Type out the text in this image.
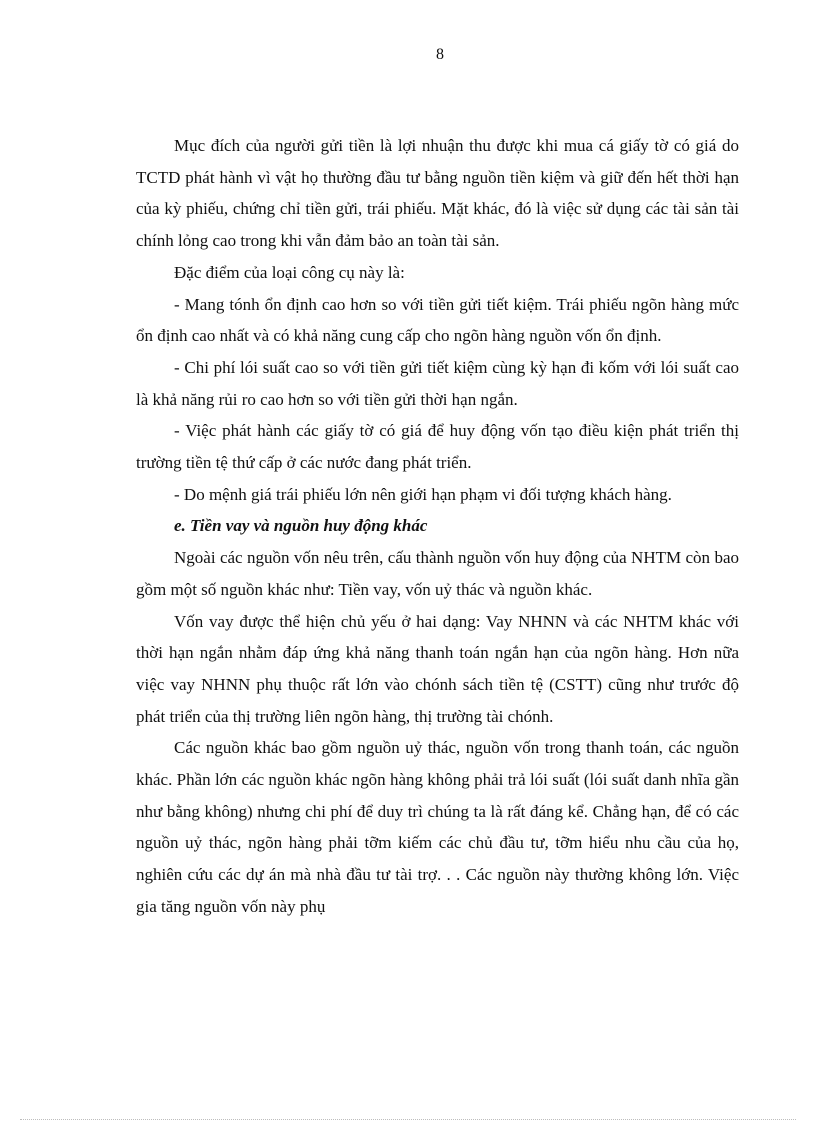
8

Mục đích của người gửi tiền là lợi nhuận thu được khi mua cá giấy tờ có giá do TCTD phát hành vì vật họ thường đầu tư bằng nguồn tiền kiệm và giữ đến hết thời hạn của kỳ phiếu, chứng chỉ tiền gửi, trái phiếu. Mặt khác, đó là việc sử dụng các tài sản tài chính lỏng cao trong khi vẫn đảm bảo an toàn tài sản.

Đặc điểm của loại công cụ này là:

- Mang tónh ổn định cao hơn so với tiền gửi tiết kiệm. Trái phiếu ngõn hàng mức ổn định cao nhất và có khả năng cung cấp cho ngõn hàng nguồn vốn ổn định.

- Chi phí lói suất cao so với tiền gửi tiết kiệm cùng kỳ hạn đi kốm với lói suất cao là khả năng rủi ro cao hơn so với tiền gửi thời hạn ngắn.

- Việc phát hành các giấy tờ có giá để huy động vốn tạo điều kiện phát triển thị trường tiền tệ thứ cấp ở các nước đang phát triển.

- Do mệnh giá trái phiếu lớn nên giới hạn phạm vi đối tượng khách hàng.

e. Tiền vay và nguồn huy động khác

Ngoài các nguồn vốn nêu trên, cấu thành nguồn vốn huy động của NHTM còn bao gồm một số nguồn khác như: Tiền vay, vốn uỷ thác và nguồn khác.

Vốn vay được thể hiện chủ yếu ở hai dạng: Vay NHNN và các NHTM khác với thời hạn ngắn nhằm đáp ứng khả năng thanh toán ngắn hạn của ngõn hàng. Hơn nữa việc vay NHNN phụ thuộc rất lớn vào chónh sách tiền tệ (CSTT) cũng như trước độ phát triển của thị trường liên ngõn hàng, thị trường tài chónh.

Các nguồn khác bao gồm nguồn uỷ thác, nguồn vốn trong thanh toán, các nguồn khác. Phần lớn các nguồn khác ngõn hàng không phải trả lói suất (lói suất danh nhĩa gần như bằng không) nhưng chi phí để duy trì chúng ta là rất đáng kể. Chẳng hạn, để có các nguồn uỷ thác, ngõn hàng phải tỡm kiếm các chủ đầu tư, tỡm hiểu nhu cầu của họ, nghiên cứu các dự án mà nhà đầu tư tài trợ. . . Các nguồn này thường không lớn. Việc gia tăng nguồn vốn này phụ
